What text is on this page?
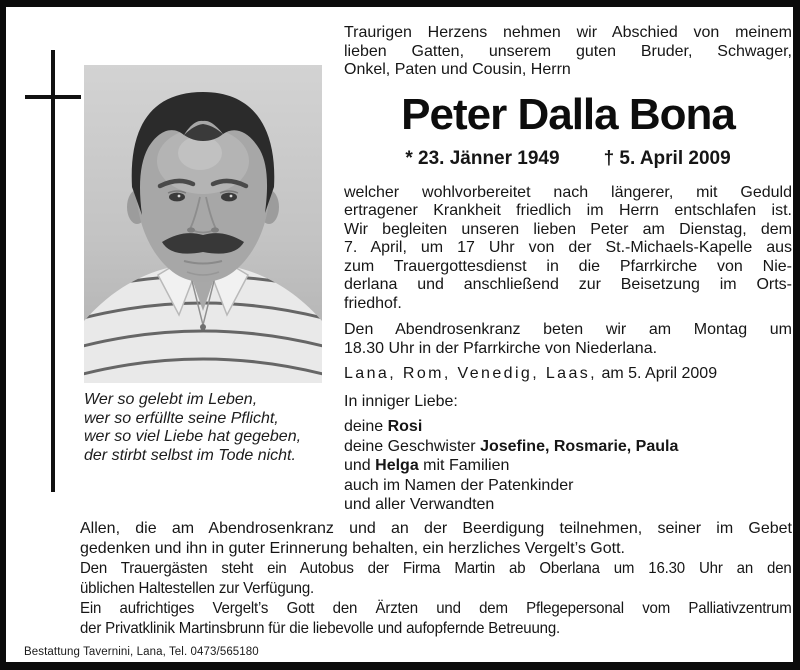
Wer so gelebt im Leben,
wer so erfüllte seine Pflicht,
wer so viel Liebe hat gegeben,
der stirbt selbst im Tode nicht.
Traurigen Herzens nehmen wir Abschied von meinem
lieben Gatten, unserem guten Bruder, Schwager,
Onkel, Paten und Cousin, Herrn
Peter Dalla Bona
* 23. Jänner 1949 † 5. April 2009
welcher wohlvorbereitet nach längerer, mit Geduld
ertragener Krankheit friedlich im Herrn entschlafen ist.
Wir begleiten unseren lieben Peter am Dienstag, dem
7. April, um 17 Uhr von der St.-Michaels-Kapelle aus
zum Trauergottesdienst in die Pfarrkirche von Nie-
derlana und anschließend zur Beisetzung im Orts-
friedhof.
Den Abendrosenkranz beten wir am Montag um
18.30 Uhr in der Pfarrkirche von Niederlana.
Lana, Rom, Venedig, Laas, am 5. April 2009
In inniger Liebe:
deine Rosi
deine Geschwister Josefine, Rosmarie, Paula
und Helga mit Familien
auch im Namen der Patenkinder
und aller Verwandten
Allen, die am Abendrosenkranz und an der Beerdigung teilnehmen, seiner im Gebet
gedenken und ihn in guter Erinnerung behalten, ein herzliches Vergelt’s Gott.
Den Trauergästen steht ein Autobus der Firma Martin ab Oberlana um 16.30 Uhr an den
üblichen Haltestellen zur Verfügung.
Ein aufrichtiges Vergelt’s Gott den Ärzten und dem Pflegepersonal vom Palliativzentrum
der Privatklinik Martinsbrunn für die liebevolle und aufopfernde Betreuung.
Bestattung Tavernini, Lana, Tel. 0473/565180
